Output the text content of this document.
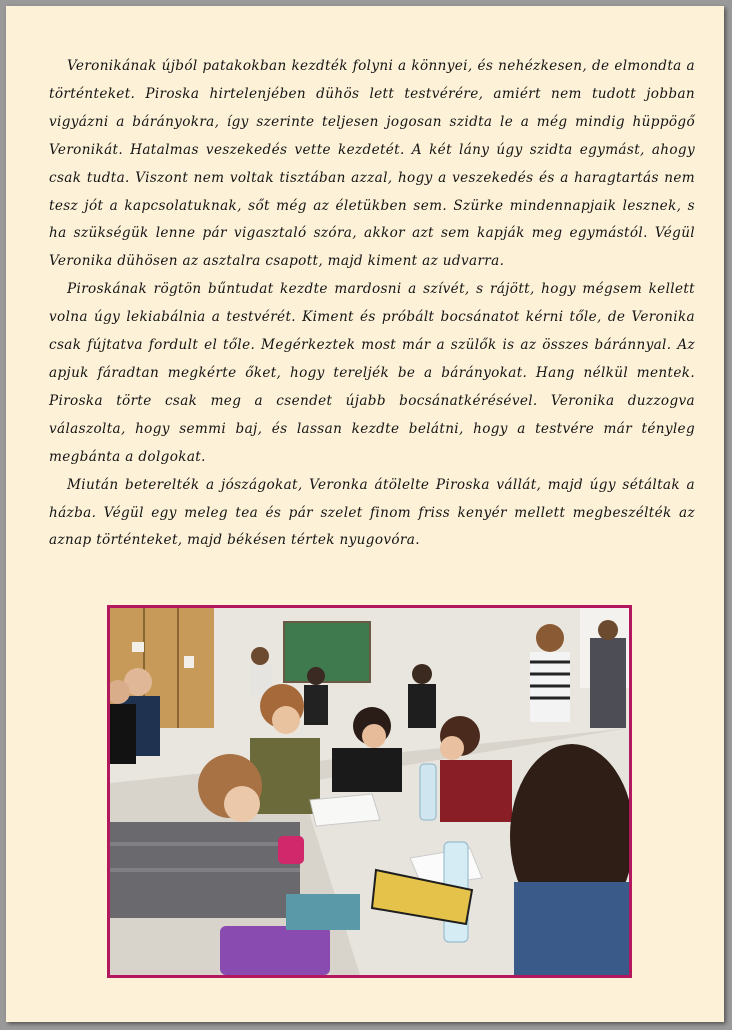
Veronikának újból patakokban kezdték folyni a könnyei, és nehézkesen, de elmondta a történteket. Piroska hirtelenjében dühös lett testvérére, amiért nem tudott jobban vigyázni a bárányokra, így szerinte teljesen jogosan szidta le a még mindig hüppögő Veronikát. Hatalmas veszekedés vette kezdetét. A két lány úgy szidta egymást, ahogy csak tudta. Viszont nem voltak tisztában azzal, hogy a veszekedés és a haragtartás nem tesz jót a kapcsolatuknak, sőt még az életükben sem. Szürke mindennapjaik lesznek, s ha szükségük lenne pár vigasztaló szóra, akkor azt sem kapják meg egymástól. Végül Veronika dühösen az asztalra csapott, majd kiment az udvarra.

Piroskának rögtön bűntudat kezdte mardosni a szívét, s rájött, hogy mégsem kellett volna úgy lekiabálnia a testvérét. Kiment és próbált bocsánatot kérni tőle, de Veronika csak fújtatva fordult el tőle. Megérkeztek most már a szülők is az összes báránnyal. Az apjuk fáradtan megkérte őket, hogy tereljék be a bárányokat. Hang nélkül mentek. Piroska törte csak meg a csendet újabb bocsánatkérésével. Veronika duzzogva válaszolta, hogy semmi baj, és lassan kezdte belátni, hogy a testvére már tényleg megbánta a dolgokat.

Miután beterelték a jószágokat, Veronka átölelte Piroska vállát, majd úgy sétáltak a házba. Végül egy meleg tea és pár szelet finom friss kenyér mellett megbeszélték az aznap történteket, majd békésen tértek nyugovóra.
